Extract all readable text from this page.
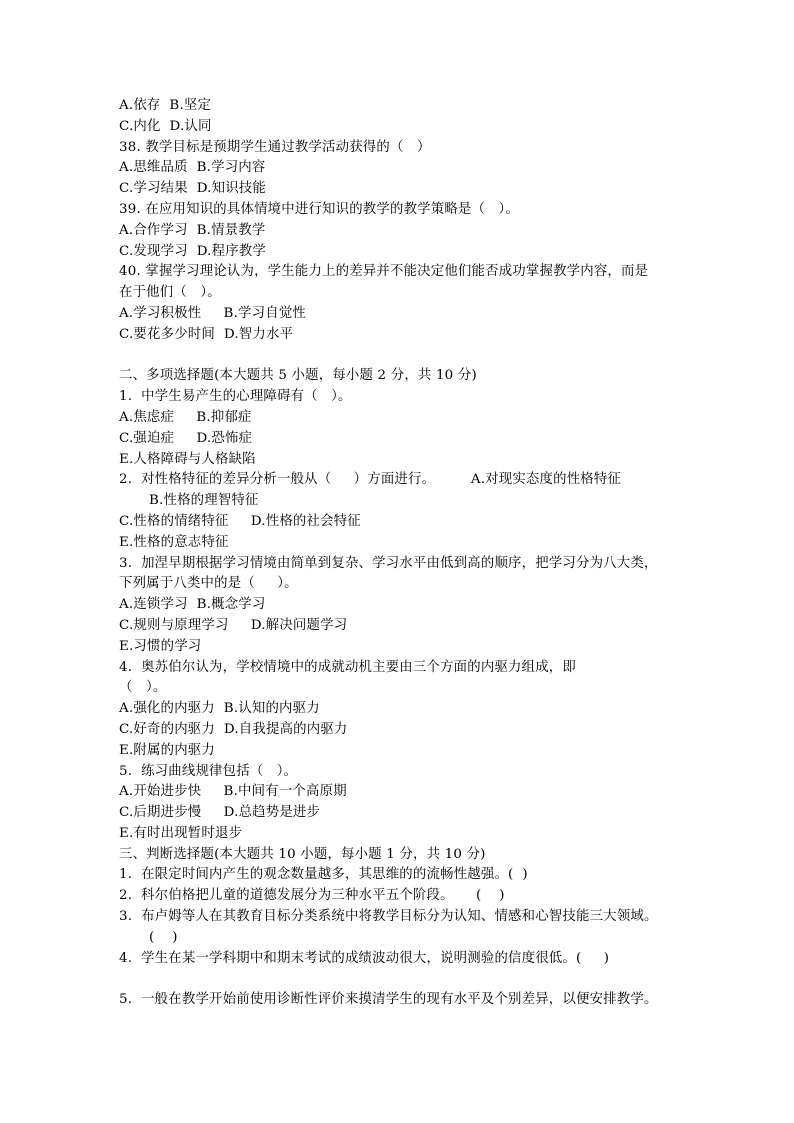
A.依存  B.坚定
C.内化  D.认同
38. 教学目标是预期学生通过教学活动获得的（   ）
A.思维品质  B.学习内容
C.学习结果  D.知识技能
39. 在应用知识的具体情境中进行知识的教学的教学策略是（   ）。
A.合作学习  B.情景教学
C.发现学习  D.程序教学
40. 掌握学习理论认为，学生能力上的差异并不能决定他们能否成功掌握教学内容，而是
在于他们（   ）。
A.学习积极性     B.学习自觉性
C.要花多少时间  D.智力水平
二、多项选择题(本大题共 5 小题，每小题 2 分，共 10 分)
1.  中学生易产生的心理障碍有（   ）。
A.焦虑症     B.抑郁症
C.强迫症     D.恐怖症
E.人格障碍与人格缺陷
2.  对性格特征的差异分析一般从（     ）方面进行。        A.对现实态度的性格特征
B.性格的理智特征
C.性格的情绪特征     D.性格的社会特征
E.性格的意志特征
3.  加涅早期根据学习情境由简单到复杂、学习水平由低到高的顺序，把学习分为八大类，
下列属于八类中的是（     ）。
A.连锁学习  B.概念学习
C.规则与原理学习     D.解决问题学习
E.习惯的学习
4.  奥苏伯尔认为，学校情境中的成就动机主要由三个方面的内驱力组成，即
（   ）。
A.强化的内驱力  B.认知的内驱力
C.好奇的内驱力  D.自我提高的内驱力
E.附属的内驱力
5.  练习曲线规律包括（   ）。
A.开始进步快     B.中间有一个高原期
C.后期进步慢     D.总趋势是进步
E.有时出现暂时退步
三、判断选择题(本大题共 10 小题，每小题 1 分，共 10 分)
1.  在限定时间内产生的观念数量越多，其思维的的流畅性越强。(  )
2.  科尔伯格把儿童的道德发展分为三种水平五个阶段。     (    )
3.  布卢姆等人在其教育目标分类系统中将教学目标分为认知、情感和心智技能三大领域。
(    )
4.  学生在某一学科期中和期末考试的成绩波动很大，说明测验的信度很低。(     )
5.  一般在教学开始前使用诊断性评价来摸清学生的现有水平及个别差异，以便安排教学。
